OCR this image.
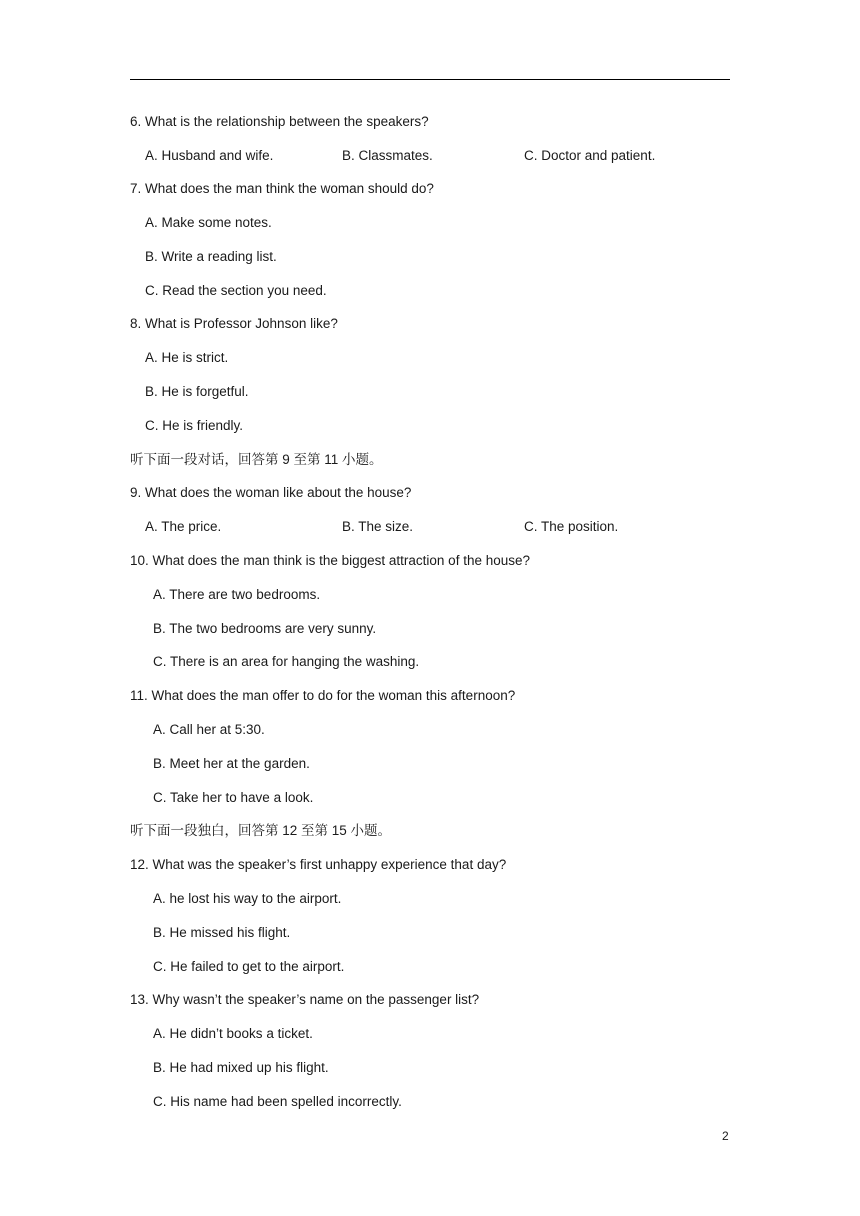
6. What is the relationship between the speakers?
A. Husband and wife.	B. Classmates.	C. Doctor and patient.
7. What does the man think the woman should do?
A. Make some notes.
B. Write a reading list.
C. Read the section you need.
8. What is Professor Johnson like?
A. He is strict.
B. He is forgetful.
C. He is friendly.
听下面一段对话，回答第 9 至第 11 小题。
9. What does the woman like about the house?
A. The price.	B. The size.	C. The position.
10. What does the man think is the biggest attraction of the house?
A. There are two bedrooms.
B. The two bedrooms are very sunny.
C. There is an area for hanging the washing.
11. What does the man offer to do for the woman this afternoon?
A. Call her at 5:30.
B. Meet her at the garden.
C. Take her to have a look.
听下面一段独白，回答第 12 至第 15 小题。
12. What was the speaker’s first unhappy experience that day?
A. he lost his way to the airport.
B. He missed his flight.
C. He failed to get to the airport.
13. Why wasn’t the speaker’s name on the passenger list?
A. He didn’t books a ticket.
B. He had mixed up his flight.
C. His name had been spelled incorrectly.
2
